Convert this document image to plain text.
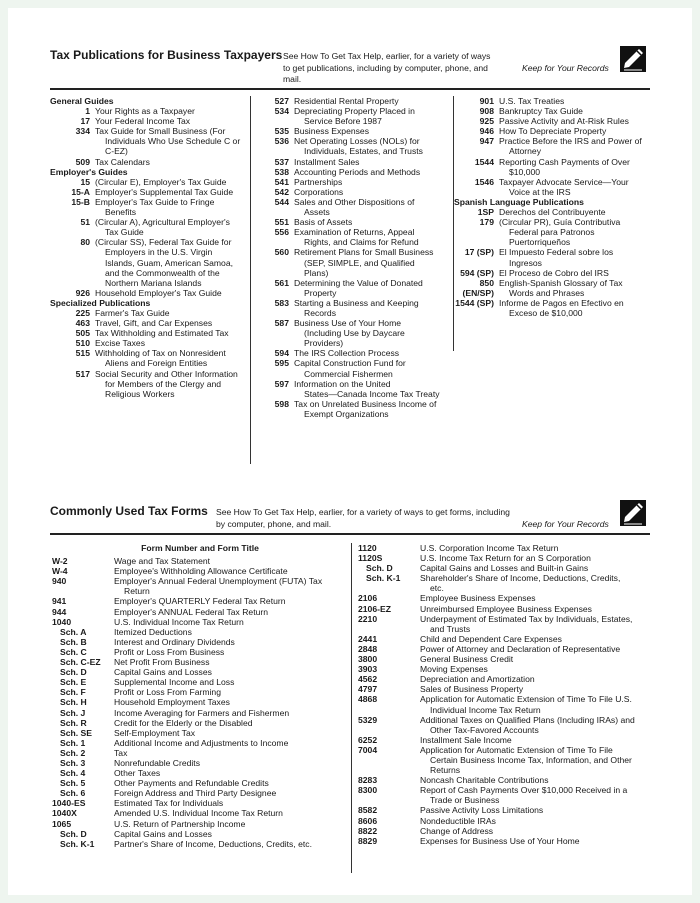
Tax Publications for Business Taxpayers See How To Get Tax Help, earlier, for a variety of ways to get publications, including by computer, phone, and mail.
Keep for Your Records
General Guides
1 Your Rights as a Taxpayer
17 Your Federal Income Tax
334 Tax Guide for Small Business (For
Individuals Who Use Schedule C or
C-EZ)
509 Tax Calendars
Employer's Guides
15 (Circular E), Employer's Tax Guide
15-A Employer's Supplemental Tax Guide
15-B Employer's Tax Guide to Fringe
Benefits
51 (Circular A), Agricultural Employer's
Tax Guide
80 (Circular SS), Federal Tax Guide for
Employers in the U.S. Virgin
Islands, Guam, American Samoa,
and the Commonwealth of the
Northern Mariana Islands
926 Household Employer's Tax Guide
Specialized Publications
225 Farmer's Tax Guide
463 Travel, Gift, and Car Expenses
505 Tax Withholding and Estimated Tax
510 Excise Taxes
515 Withholding of Tax on Nonresident
Aliens and Foreign Entities
517 Social Security and Other Information
for Members of the Clergy and
Religious Workers
527 Residential Rental Property
534 Depreciating Property Placed in
Service Before 1987
535 Business Expenses
536 Net Operating Losses (NOLs) for
Individuals, Estates, and Trusts
537 Installment Sales
538 Accounting Periods and Methods
541 Partnerships
542 Corporations
544 Sales and Other Dispositions of
Assets
551 Basis of Assets
556 Examination of Returns, Appeal
Rights, and Claims for Refund
560 Retirement Plans for Small Business
(SEP, SIMPLE, and Qualified
Plans)
561 Determining the Value of Donated
Property
583 Starting a Business and Keeping
Records
587 Business Use of Your Home
(Including Use by Daycare
Providers)
594 The IRS Collection Process
595 Capital Construction Fund for
Commercial Fishermen
597 Information on the United
States—Canada Income Tax Treaty
598 Tax on Unrelated Business Income of
Exempt Organizations
901 U.S. Tax Treaties
908 Bankruptcy Tax Guide
925 Passive Activity and At-Risk Rules
946 How To Depreciate Property
947 Practice Before the IRS and Power of
Attorney
1544 Reporting Cash Payments of Over
$10,000
1546 Taxpayer Advocate Service—Your
Voice at the IRS
Spanish Language Publications
1SP Derechos del Contribuyente
179 (Circular PR), Guía Contributiva
Federal para Patronos
Puertorriqueños
17 (SP) El Impuesto Federal sobre los
Ingresos
594 (SP) El Proceso de Cobro del IRS
850
(EN/SP)
English-Spanish Glossary of Tax
Words and Phrases
1544 (SP) Informe de Pagos en Efectivo en
Exceso de $10,000
Commonly Used Tax Forms See How To Get Tax Help, earlier, for a variety of ways to get forms, including by computer, phone, and mail.	Keep for Your Records
Form Number and Form Title
W-2	Wage and Tax Statement
W-4	Employee's Withholding Allowance Certificate
940	Employer's Annual Federal Unemployment (FUTA) Tax
Return
941	Employer's QUARTERLY Federal Tax Return
944	Employer's ANNUAL Federal Tax Return
1040	U.S. Individual Income Tax Return
Sch. A	Itemized Deductions
Sch. B	Interest and Ordinary Dividends
Sch. C	Profit or Loss From Business
Sch. C-EZ	Net Profit From Business
Sch. D	Capital Gains and Losses
Sch. E	Supplemental Income and Loss
Sch. F	Profit or Loss From Farming
Sch. H	Household Employment Taxes
Sch. J	Income Averaging for Farmers and Fishermen
Sch. R	Credit for the Elderly or the Disabled
Sch. SE	Self-Employment Tax
Sch. 1	Additional Income and Adjustments to Income
Sch. 2	Tax
Sch. 3	Nonrefundable Credits
Sch. 4	Other Taxes
Sch. 5	Other Payments and Refundable Credits
Sch. 6	Foreign Address and Third Party Designee
1040-ES	Estimated Tax for Individuals
1040X	Amended U.S. Individual Income Tax Return
1065	U.S. Return of Partnership Income
Sch. D	Capital Gains and Losses
Sch. K-1	Partner's Share of Income, Deductions, Credits, etc.
1120	U.S. Corporation Income Tax Return
1120S	U.S. Income Tax Return for an S Corporation
Sch. D	Capital Gains and Losses and Built-in Gains
Sch. K-1	Shareholder's Share of Income, Deductions, Credits,
etc.
2106	Employee Business Expenses
2106-EZ	Unreimbursed Employee Business Expenses
2210	Underpayment of Estimated Tax by Individuals, Estates,
and Trusts
2441	Child and Dependent Care Expenses
2848	Power of Attorney and Declaration of Representative
3800	General Business Credit
3903	Moving Expenses
4562	Depreciation and Amortization
4797	Sales of Business Property
4868	Application for Automatic Extension of Time To File U.S.
Individual Income Tax Return
5329	Additional Taxes on Qualified Plans (Including IRAs) and
Other Tax-Favored Accounts
6252	Installment Sale Income
7004	Application for Automatic Extension of Time To File
Certain Business Income Tax, Information, and Other
Returns
8283	Noncash Charitable Contributions
8300	Report of Cash Payments Over $10,000 Received in a
Trade or Business
8582	Passive Activity Loss Limitations
8606	Nondeductible IRAs
8822	Change of Address
8829	Expenses for Business Use of Your Home
